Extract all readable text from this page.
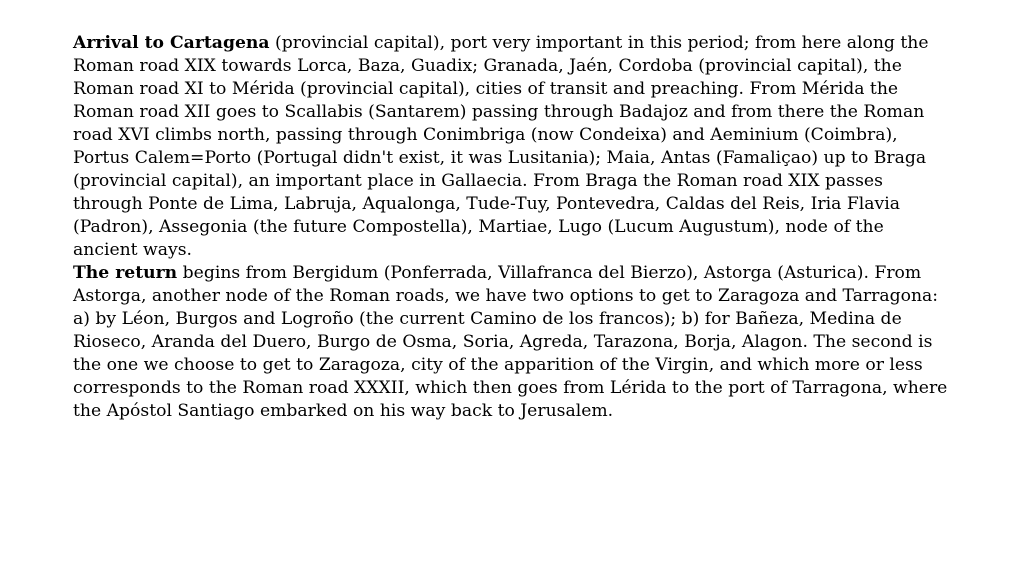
Arrival to Cartagena (provincial capital), port very important in this period; from here along the Roman road XIX towards Lorca, Baza, Guadix; Granada, Jaén, Cordoba (provincial capital), the Roman road XI to Mérida (provincial capital), cities of transit and preaching. From Mérida the Roman road XII goes to Scallabis (Santarem) passing through Badajoz and from there the Roman road XVI climbs north, passing through Conimbriga (now Condeixa) and Aeminium (Coimbra), Portus Calem=Porto (Portugal didn't exist, it was Lusitania); Maia, Antas (Famaliçao) up to Braga (provincial capital), an important place in Gallaecia. From Braga the Roman road XIX passes through Ponte de Lima, Labruja, Aqualonga, Tude-Tuy, Pontevedra, Caldas del Reis, Iria Flavia (Padron), Assegonia (the future Compostella), Martiae, Lugo (Lucum Augustum), node of the ancient ways.

The return begins from Bergidum (Ponferrada, Villafranca del Bierzo), Astorga (Asturica). From Astorga, another node of the Roman roads, we have two options to get to Zaragoza and Tarragona: a) by Léon, Burgos and Logroño (the current Camino de los francos); b) for Bañeza, Medina de Rioseco, Aranda del Duero, Burgo de Osma, Soria, Agreda, Tarazona, Borja, Alagon. The second is the one we choose to get to Zaragoza, city of the apparition of the Virgin, and which more or less corresponds to the Roman road XXXII, which then goes from Lérida to the port of Tarragona, where the Apóstol Santiago embarked on his way back to Jerusalem.
